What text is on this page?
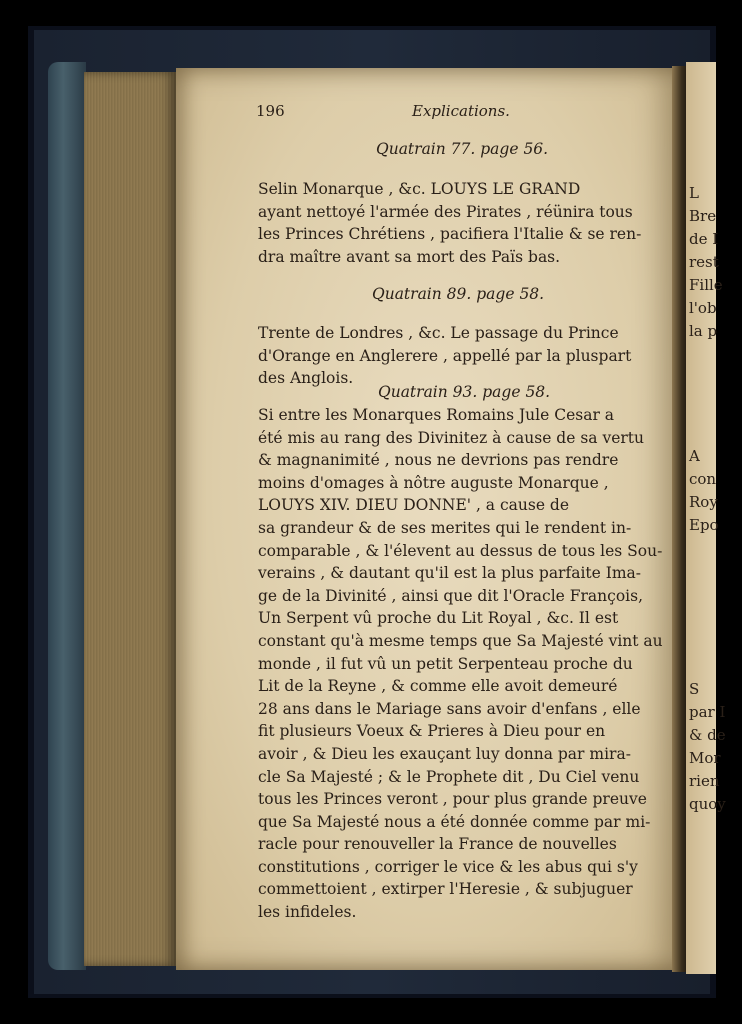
L
Bre
de I
rest
Fille
l'ob
la p
A
con
Roy
Epo
S
par I
& de
Mor
rien
quoy
196	Explications.
Quatrain 77. page 56.
Selin Monarque , &c. LOUYS LE GRAND
ayant nettoyé l'armée des Pirates , réünira tous
les Princes Chrétiens , pacifiera l'Italie & se ren-
dra maître avant sa mort des Païs bas.
Quatrain 89. page 58.
Trente de Londres , &c. Le passage du Prince
d'Orange en Anglerere , appellé par la pluspart
des Anglois.
Quatrain 93. page 58.
Si entre les Monarques Romains Jule Cesar a
été mis au rang des Divinitez à cause de sa vertu
& magnanimité , nous ne devrions pas rendre
moins d'omages à nôtre auguste Monarque ,
LOUYS XIV. DIEU DONNE' , a cause de
sa grandeur & de ses merites qui le rendent in-
comparable , & l'élevent au dessus de tous les Sou-
verains , & dautant qu'il est la plus parfaite Ima-
ge de la Divinité , ainsi que dit l'Oracle François,
Un Serpent vû proche du Lit Royal , &c. Il est
constant qu'à mesme temps que Sa Majesté vint au
monde , il fut vû un petit Serpenteau proche du
Lit de la Reyne , & comme elle avoit demeuré
28 ans dans le Mariage sans avoir d'enfans , elle
fit plusieurs Voeux & Prieres à Dieu pour en
avoir , & Dieu les exauçant luy donna par mira-
cle Sa Majesté ; & le Prophete dit , Du Ciel venu
tous les Princes veront , pour plus grande preuve
que Sa Majesté nous a été donnée comme par mi-
racle pour renouveller la France de nouvelles
constitutions , corriger le vice & les abus qui s'y
commettoient , extirper l'Heresie , & subjuguer
les infideles.
